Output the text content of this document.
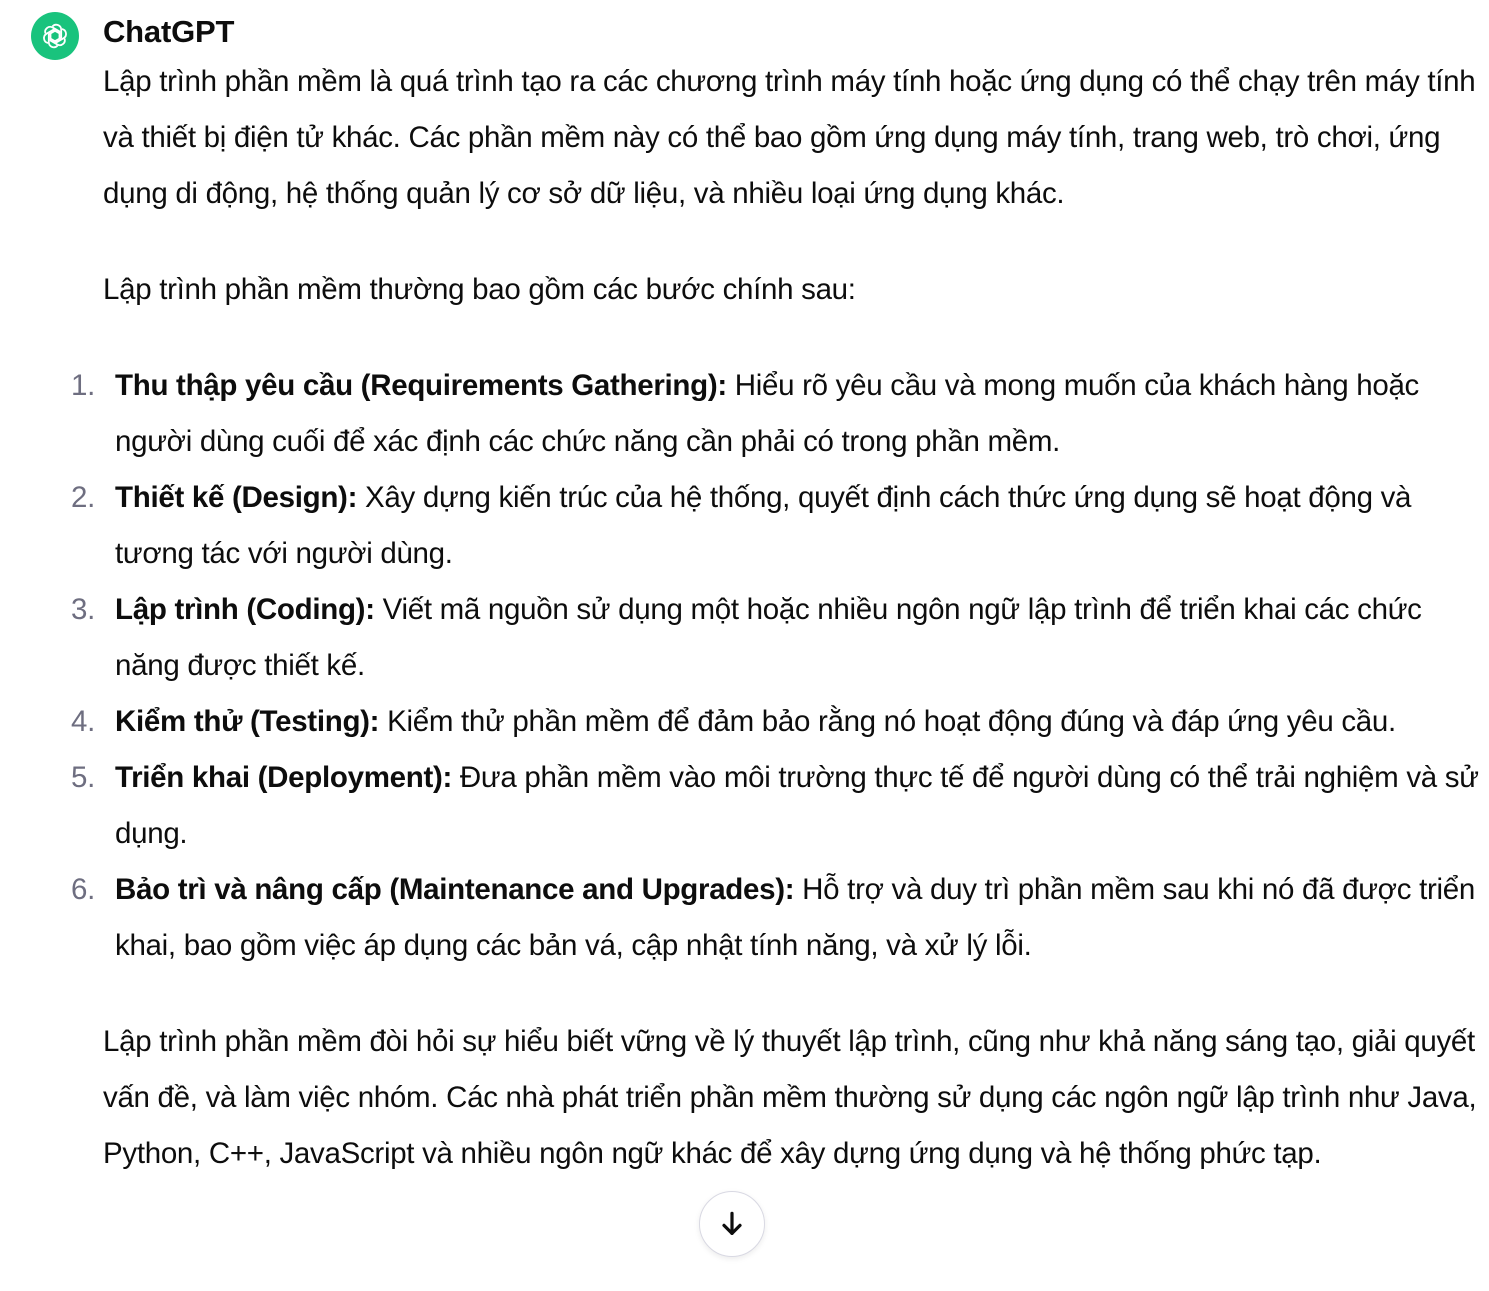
ChatGPT

Lập trình phần mềm là quá trình tạo ra các chương trình máy tính hoặc ứng dụng có thể chạy trên máy tính và thiết bị điện tử khác. Các phần mềm này có thể bao gồm ứng dụng máy tính, trang web, trò chơi, ứng dụng di động, hệ thống quản lý cơ sở dữ liệu, và nhiều loại ứng dụng khác.

Lập trình phần mềm thường bao gồm các bước chính sau:

1. Thu thập yêu cầu (Requirements Gathering): Hiểu rõ yêu cầu và mong muốn của khách hàng hoặc người dùng cuối để xác định các chức năng cần phải có trong phần mềm.
2. Thiết kế (Design): Xây dựng kiến trúc của hệ thống, quyết định cách thức ứng dụng sẽ hoạt động và tương tác với người dùng.
3. Lập trình (Coding): Viết mã nguồn sử dụng một hoặc nhiều ngôn ngữ lập trình để triển khai các chức năng được thiết kế.
4. Kiểm thử (Testing): Kiểm thử phần mềm để đảm bảo rằng nó hoạt động đúng và đáp ứng yêu cầu.
5. Triển khai (Deployment): Đưa phần mềm vào môi trường thực tế để người dùng có thể trải nghiệm và sử dụng.
6. Bảo trì và nâng cấp (Maintenance and Upgrades): Hỗ trợ và duy trì phần mềm sau khi nó đã được triển khai, bao gồm việc áp dụng các bản vá, cập nhật tính năng, và xử lý lỗi.

Lập trình phần mềm đòi hỏi sự hiểu biết vững về lý thuyết lập trình, cũng như khả năng sáng tạo, giải quyết vấn đề, và làm việc nhóm. Các nhà phát triển phần mềm thường sử dụng các ngôn ngữ lập trình như Java, Python, C++, JavaScript và nhiều ngôn ngữ khác để xây dựng ứng dụng và hệ thống phức tạp.
